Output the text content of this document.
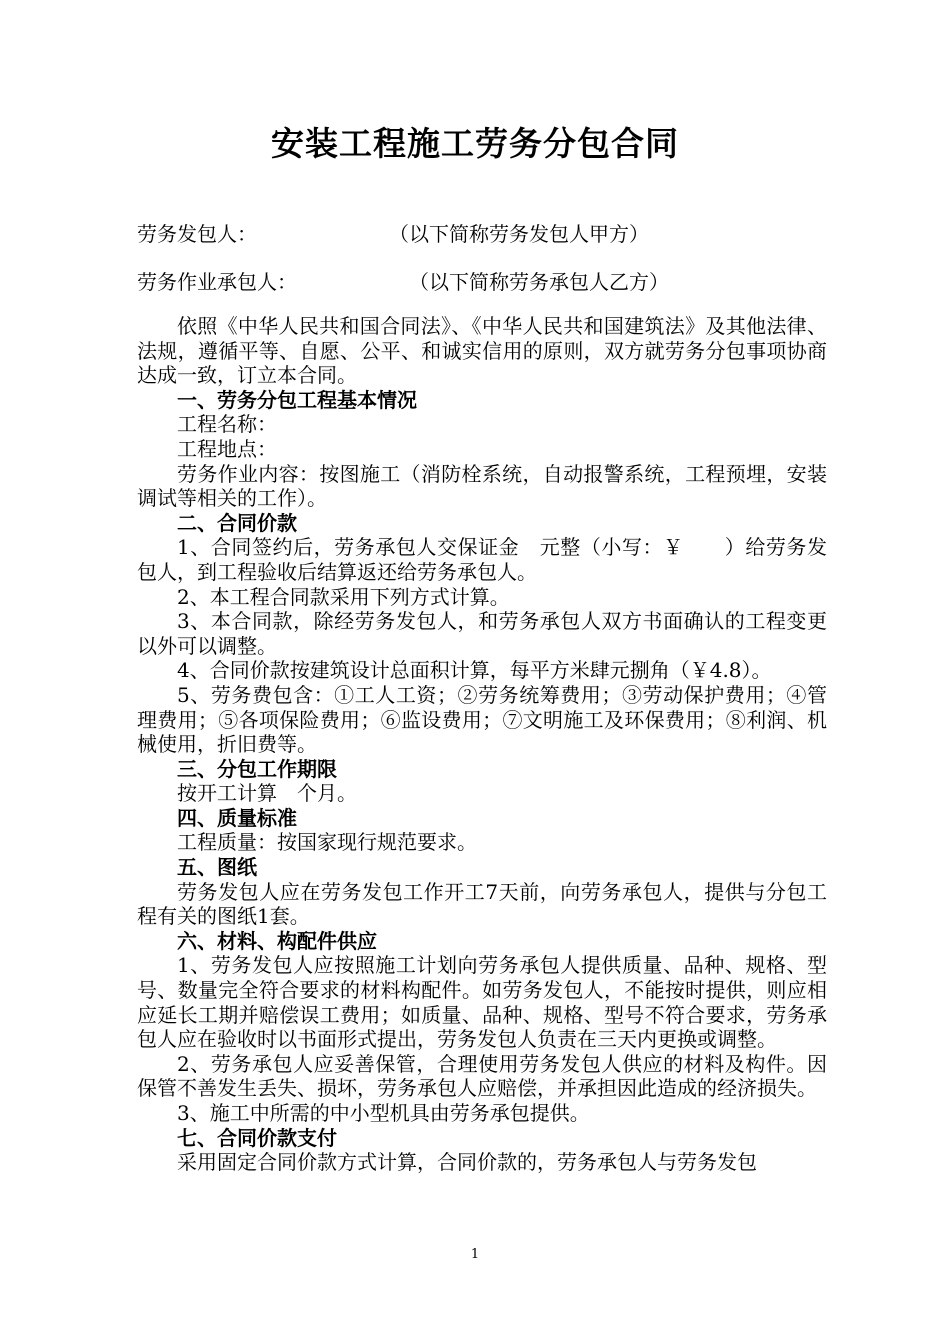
安装工程施工劳务分包合同
劳务发包人：	（以下简称劳务发包人甲方）
劳务作业承包人：	（以下简称劳务承包人乙方）

依照《中华人民共和国合同法》、《中华人民共和国建筑法》及其他法律、法规，遵循平等、自愿、公平、和诚实信用的原则，双方就劳务分包事项协商达成一致，订立本合同。

一、劳务分包工程基本情况

工程名称：

工程地点：

劳务作业内容：按图施工（消防栓系统，自动报警系统，工程预埋，安装调试等相关的工作）。

二、合同价款

1、合同签约后，劳务承包人交保证金　元整（小写：￥　　）给劳务发包人，到工程验收后结算返还给劳务承包人。

2、本工程合同款采用下列方式计算。

3、本合同款，除经劳务发包人，和劳务承包人双方书面确认的工程变更以外可以调整。

4、合同价款按建筑设计总面积计算，每平方米肆元捌角（￥4.8）。

5、劳务费包含：①工人工资；②劳务统筹费用；③劳动保护费用；④管理费用；⑤各项保险费用；⑥监设费用；⑦文明施工及环保费用；⑧利润、机械使用，折旧费等。

三、分包工作期限

按开工计算　个月。

四、质量标准

工程质量：按国家现行规范要求。

五、图纸

劳务发包人应在劳务发包工作开工7天前，向劳务承包人，提供与分包工程有关的图纸1套。

六、材料、构配件供应

1、劳务发包人应按照施工计划向劳务承包人提供质量、品种、规格、型号、数量完全符合要求的材料构配件。如劳务发包人，不能按时提供，则应相应延长工期并赔偿误工费用；如质量、品种、规格、型号不符合要求，劳务承包人应在验收时以书面形式提出，劳务发包人负责在三天内更换或调整。

2、劳务承包人应妥善保管，合理使用劳务发包人供应的材料及构件。因保管不善发生丢失、损坏，劳务承包人应赔偿，并承担因此造成的经济损失。

3、施工中所需的中小型机具由劳务承包提供。

七、合同价款支付

采用固定合同价款方式计算，合同价款的，劳务承包人与劳务发包

1
